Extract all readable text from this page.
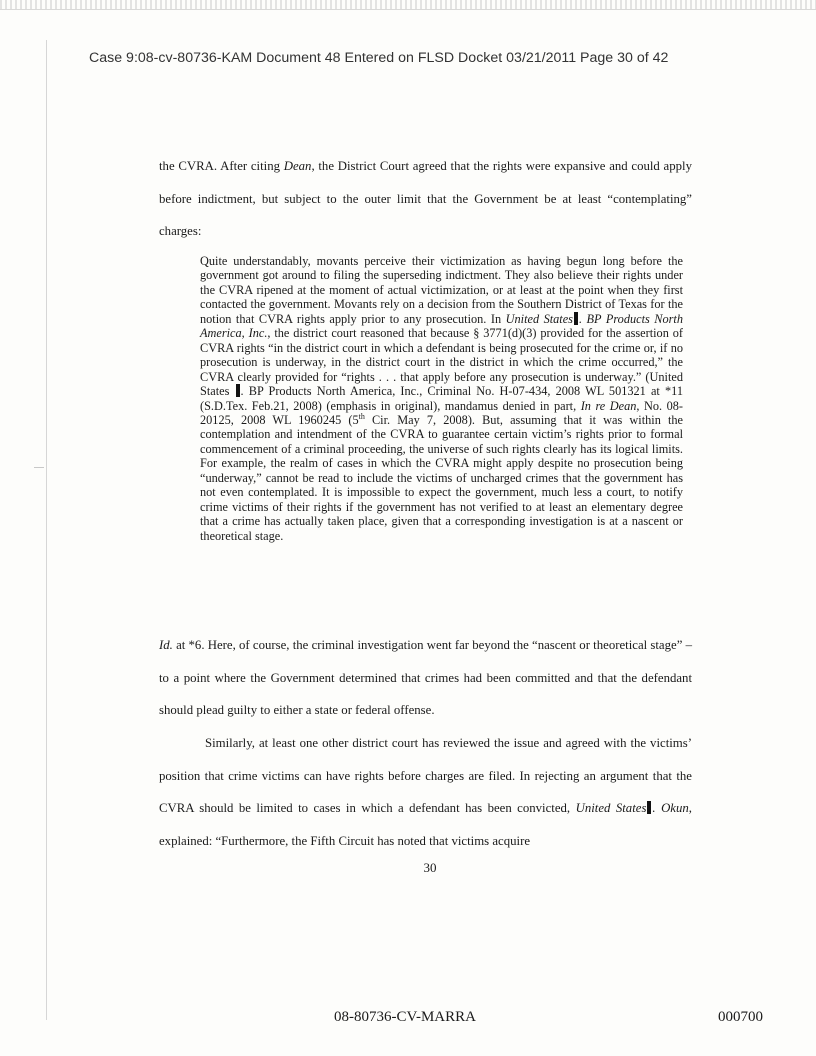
Case 9:08-cv-80736-KAM Document 48 Entered on FLSD Docket 03/21/2011 Page 30 of 42

the CVRA. After citing Dean, the District Court agreed that the rights were expansive and could apply before indictment, but subject to the outer limit that the Government be at least “contemplating” charges:

Quite understandably, movants perceive their victimization as having begun long before the government got around to filing the superseding indictment. They also believe their rights under the CVRA ripened at the moment of actual victimization, or at least at the point when they first contacted the government. Movants rely on a decision from the Southern District of Texas for the notion that CVRA rights apply prior to any prosecution. In United States . BP Products North America, Inc., the district court reasoned that because § 3771(d)(3) provided for the assertion of CVRA rights “in the district court in which a defendant is being prosecuted for the crime or, if no prosecution is underway, in the district court in the district in which the crime occurred,” the CVRA clearly provided for “rights . . . that apply before any prosecution is underway.” (United States . BP Products North America, Inc., Criminal No. H-07-434, 2008 WL 501321 at *11 (S.D.Tex. Feb.21, 2008) (emphasis in original), mandamus denied in part, In re Dean, No. 08-20125, 2008 WL 1960245 (5th Cir. May 7, 2008). But, assuming that it was within the contemplation and intendment of the CVRA to guarantee certain victim’s rights prior to formal commencement of a criminal proceeding, the universe of such rights clearly has its logical limits. For example, the realm of cases in which the CVRA might apply despite no prosecution being “underway,” cannot be read to include the victims of uncharged crimes that the government has not even contemplated. It is impossible to expect the government, much less a court, to notify crime victims of their rights if the government has not verified to at least an elementary degree that a crime has actually taken place, given that a corresponding investigation is at a nascent or theoretical stage.

Id. at *6. Here, of course, the criminal investigation went far beyond the “nascent or theoretical stage” – to a point where the Government determined that crimes had been committed and that the defendant should plead guilty to either a state or federal offense.

Similarly, at least one other district court has reviewed the issue and agreed with the victims’ position that crime victims can have rights before charges are filed. In rejecting an argument that the CVRA should be limited to cases in which a defendant has been convicted, United States . Okun, explained: “Furthermore, the Fifth Circuit has noted that victims acquire

30
08-80736-CV-MARRA	000700
